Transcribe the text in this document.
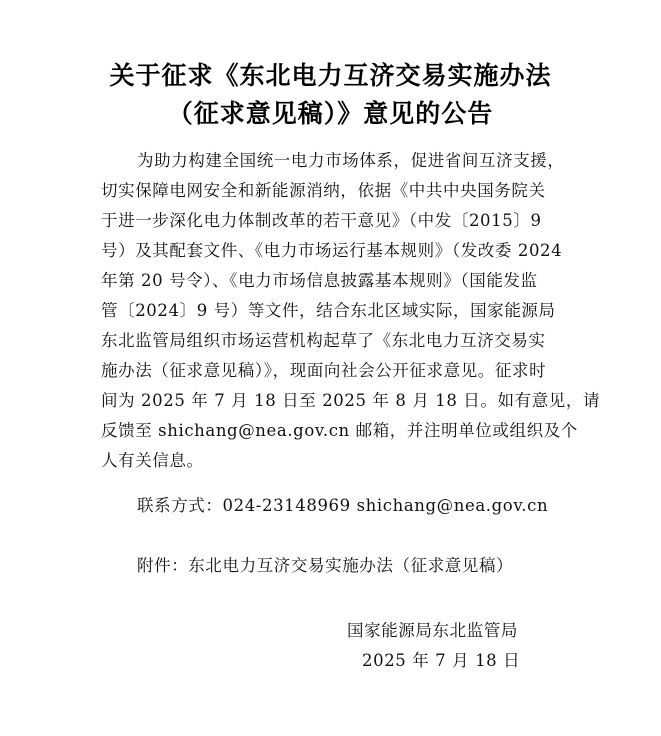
关于征求《东北电力互济交易实施办法
（征求意见稿）》意见的公告
为助力构建全国统一电力市场体系，促进省间互济支援，
切实保障电网安全和新能源消纳，依据《中共中央国务院关
于进一步深化电力体制改革的若干意见》（中发〔2015〕9
号）及其配套文件、《电力市场运行基本规则》（发改委 2024
年第 20 号令）、《电力市场信息披露基本规则》（国能发监
管〔2024〕9 号）等文件，结合东北区域实际，国家能源局
东北监管局组织市场运营机构起草了《东北电力互济交易实
施办法（征求意见稿）》，现面向社会公开征求意见。征求时
间为 2025 年 7 月 18 日至 2025 年 8 月 18 日。如有意见，请
反馈至 shichang@nea.gov.cn 邮箱，并注明单位或组织及个
人有关信息。
联系方式：024-23148969 shichang@nea.gov.cn
附件：东北电力互济交易实施办法（征求意见稿）
国家能源局东北监管局
2025 年 7 月 18 日
